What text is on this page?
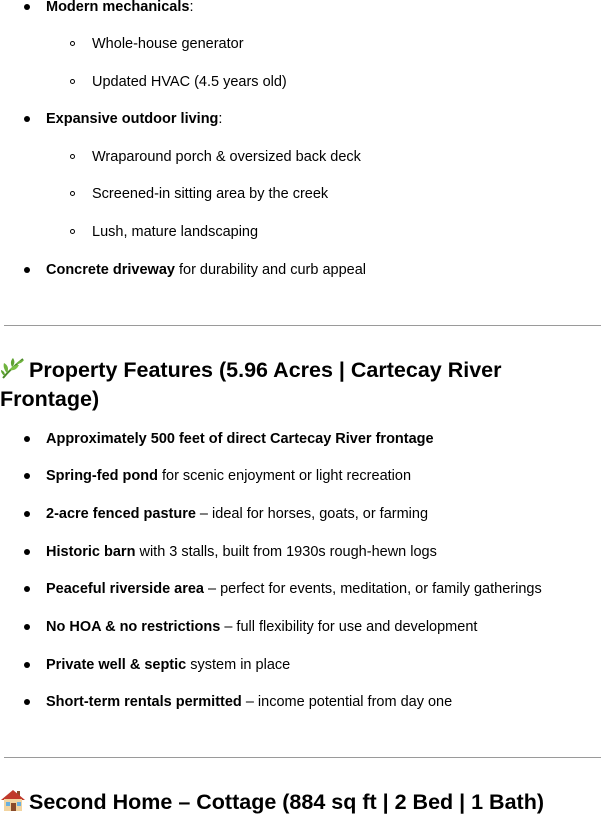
Modern mechanicals:
Whole-house generator
Updated HVAC (4.5 years old)
Expansive outdoor living:
Wraparound porch & oversized back deck
Screened-in sitting area by the creek
Lush, mature landscaping
Concrete driveway for durability and curb appeal
Property Features (5.96 Acres | Cartecay River
Frontage)
Approximately 500 feet of direct Cartecay River frontage
Spring-fed pond for scenic enjoyment or light recreation
2-acre fenced pasture – ideal for horses, goats, or farming
Historic barn with 3 stalls, built from 1930s rough-hewn logs
Peaceful riverside area – perfect for events, meditation, or family gatherings
No HOA & no restrictions – full flexibility for use and development
Private well & septic system in place
Short-term rentals permitted – income potential from day one
Second Home – Cottage (884 sq ft | 2 Bed | 1 Bath)
